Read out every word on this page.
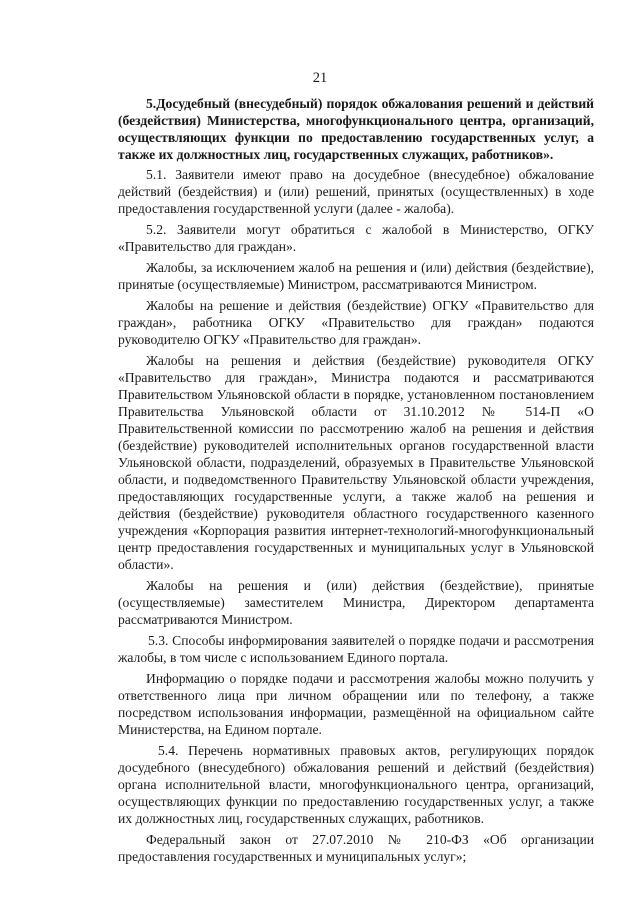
21

5.Досудебный (внесудебный) порядок обжалования решений и действий (бездействия) Министерства, многофункционального центра, организаций, осуществляющих функции по предоставлению государственных услуг, а также их должностных лиц, государственных служащих, работников».

5.1. Заявители имеют право на досудебное (внесудебное) обжалование действий (бездействия) и (или) решений, принятых (осуществленных) в ходе предоставления государственной услуги (далее - жалоба).

5.2. Заявители могут обратиться с жалобой в Министерство, ОГКУ «Правительство для граждан».

Жалобы, за исключением жалоб на решения и (или) действия (бездействие), принятые (осуществляемые) Министром, рассматриваются Министром.

Жалобы на решение и действия (бездействие) ОГКУ «Правительство для граждан», работника ОГКУ «Правительство для граждан» подаются руководителю ОГКУ «Правительство для граждан».

Жалобы на решения и действия (бездействие) руководителя ОГКУ «Правительство для граждан», Министра подаются и рассматриваются Правительством Ульяновской области в порядке, установленном постановлением Правительства Ульяновской области от 31.10.2012 № 514-П «О Правительственной комиссии по рассмотрению жалоб на решения и действия (бездействие) руководителей исполнительных органов государственной власти Ульяновской области, подразделений, образуемых в Правительстве Ульяновской области, и подведомственного Правительству Ульяновской области учреждения, предоставляющих государственные услуги, а также жалоб на решения и действия (бездействие) руководителя областного государственного казенного учреждения «Корпорация развития интернет-технологий-многофункциональный центр предоставления государственных и муниципальных услуг в Ульяновской области».

Жалобы на решения и (или) действия (бездействие), принятые (осуществляемые) заместителем Министра, Директором департамента рассматриваются Министром.

5.3. Способы информирования заявителей о порядке подачи и рассмотрения жалобы, в том числе с использованием Единого портала.

Информацию о порядке подачи и рассмотрения жалобы можно получить у ответственного лица при личном обращении или по телефону, а также посредством использования информации, размещённой на официальном сайте Министерства, на Едином портале.

5.4. Перечень нормативных правовых актов, регулирующих порядок досудебного (внесудебного) обжалования решений и действий (бездействия) органа исполнительной власти, многофункционального центра, организаций, осуществляющих функции по предоставлению государственных услуг, а также их должностных лиц, государственных служащих, работников.

Федеральный закон от 27.07.2010 № 210-ФЗ «Об организации предоставления государственных и муниципальных услуг»;
